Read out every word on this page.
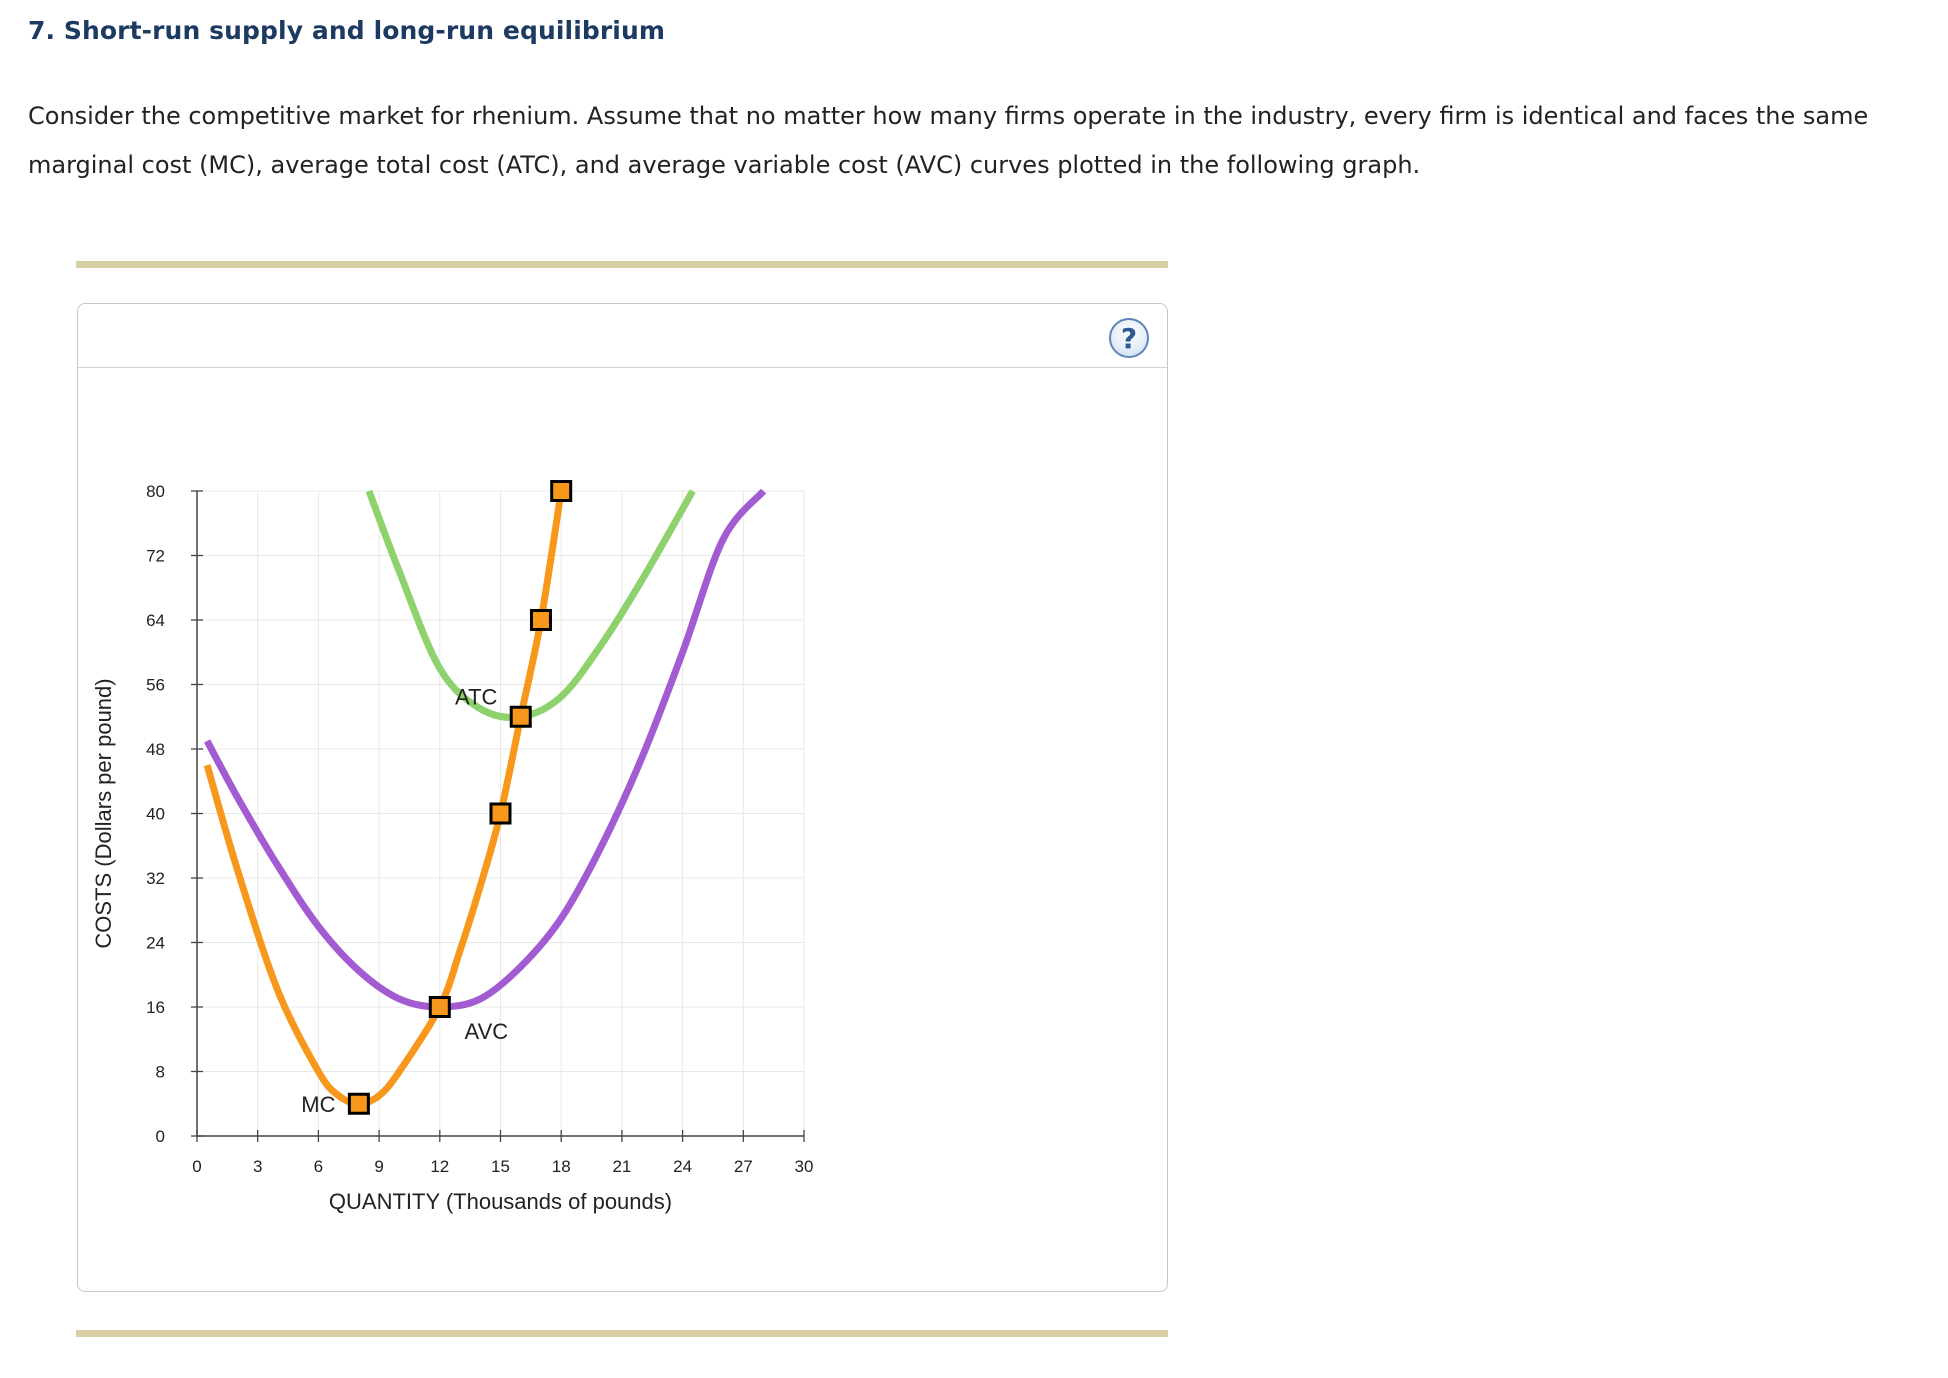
7. Short-run supply and long-run equilibrium
Consider the competitive market for rhenium. Assume that no matter how many firms operate in the industry, every firm is identical and faces the same marginal cost (MC), average total cost (ATC), and average variable cost (AVC) curves plotted in the following graph.
?
0	3	6	9	12 15 18 21 24 27 30
0
8
16
24
32
40
48
56
64
72
80
QUANTITY (Thousands of pounds)
COSTS (Dollars per pound)
MC
ATC
AVC
